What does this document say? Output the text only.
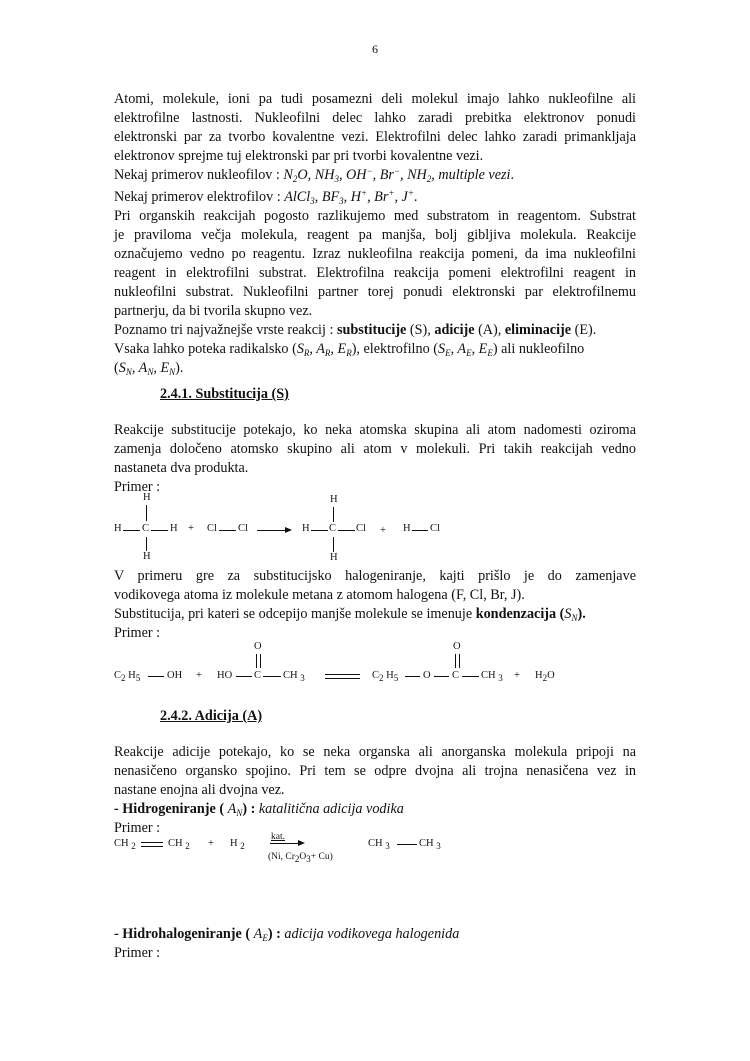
6
Atomi, molekule, ioni pa tudi posamezni deli molekul imajo lahko nukleofilne ali
elektrofilne lastnosti. Nukleofilni delec lahko zaradi prebitka elektronov ponudi
elektronski par za tvorbo kovalentne vezi. Elektrofilni delec lahko zaradi primankljaja
elektronov sprejme tuj elektronski par pri tvorbi kovalentne vezi.
Nekaj primerov nukleofilov : $N_2O$, $NH_3$, OH−, Br−, $NH_2$, multiple vezi.
Nekaj primerov elektrofilov : AlCl$_3$, $BF_3$, H+, Br+, J+.
Pri organskih reakcijah pogosto razlikujemo med substratom in reagentom. Substrat
je praviloma večja molekula, reagent pa manjša, bolj gibljiva molekula. Reakcije
označujemo vedno po reagentu. Izraz nukleofilna reakcija pomeni, da ima nukleofilni
reagent in elektrofilni substrat. Elektrofilna reakcija pomeni elektrofilni reagent in
nukleofilni substrat. Nukleofilni partner torej ponudi elektronski par elektrofilnemu
partnerju, da bi tvorila skupno vez.
Poznamo tri najvažnejše vrste reakcij : substitucije (S), adicije (A), eliminacije (E).
Vsaka lahko poteka radikalsko ($S_R$, $A_R$, $E_R$), elektrofilno ($S_E$, $A_E$, $E_E$) ali nukleofilno
($S_N$, $A_N$, $E_N$).
2.4.1. Substitucija (S)
Reakcije substitucije potekajo, ko neka atomska skupina ali atom nadomesti oziroma
zamenja določeno atomsko skupino ali atom v molekuli. Pri takih reakcijah vedno
nastaneta dva produkta.
Primer :
H
H C H
H
+ Cl Cl	H C
H
Cl
H
+ H Cl
V primeru gre za substitucijsko halogeniranje, kajti prišlo je do zamenjave
vodikovega atoma iz molekule metana z atomom halogena (F, Cl, Br, J).
Substitucija, pri kateri se odcepijo manjše molekule se imenuje kondenzacija $(S_N)$.
Primer :
$C_2$ $H_5$	OH + HO C
O
CH $_3$	$C_2$ $H_5$ O C
O
CH $_3 + H_2O$
2.4.2. Adicija (A)
Reakcije adicije potekajo, ko se neka organska ali anorganska molekula pripoji na
nenasičeno organsko spojino. Pri tem se odpre dvojna ali trojna nenasičena vez in
nastane enojna ali dvojna vez.
- Hidrogeniranje ( $A_N$) : katalitična adicija vodika
Primer :
CH $_2$	CH $_2$ + H $_2$
kat.
(Ni, $Cr_2O_3+ Cu$)
CH $_3$	CH $_3$
- Hidrohalogeniranje ( $A_E$) : adicija vodikovega halogenida
Primer :
